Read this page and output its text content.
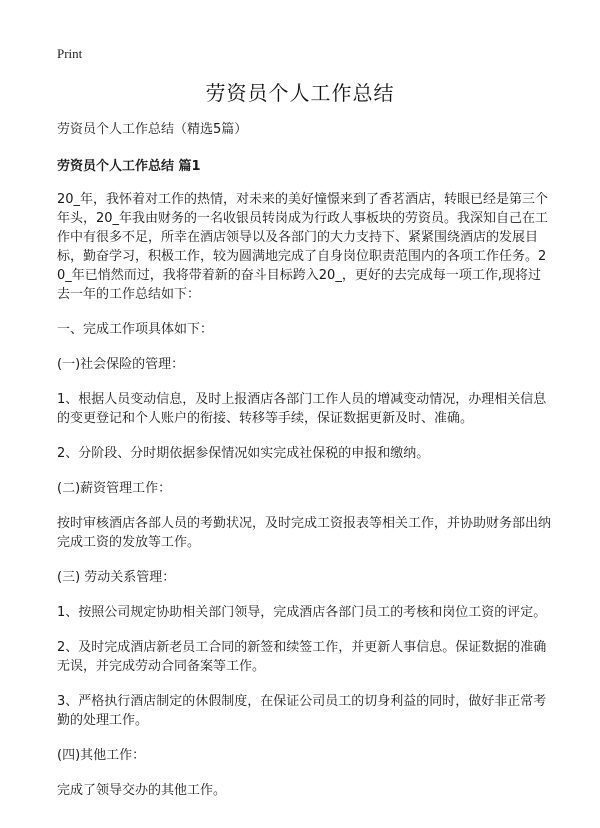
Print
劳资员个人工作总结

劳资员个人工作总结（精选5篇）

劳资员个人工作总结 篇1

20_年，我怀着对工作的热情，对未来的美好憧憬来到了香茗酒店，转眼已经是第三个年头，20_年我由财务的一名收银员转岗成为行政人事板块的劳资员。我深知自己在工作中有很多不足，所幸在酒店领导以及各部门的大力支持下、紧紧围绕酒店的发展目标，勤奋学习，积极工作，较为圆满地完成了自身岗位职责范围内的各项工作任务。20_年已悄然而过，我将带着新的奋斗目标跨入20_，更好的去完成每一项工作,现将过去一年的工作总结如下：

一、完成工作项具体如下：

(一)社会保险的管理：

1、根据人员变动信息，及时上报酒店各部门工作人员的增减变动情况，办理相关信息的变更登记和个人账户的衔接、转移等手续，保证数据更新及时、准确。

2、分阶段、分时期依据参保情况如实完成社保税的申报和缴纳。

(二)薪资管理工作：

按时审核酒店各部人员的考勤状况，及时完成工资报表等相关工作，并协助财务部出纳完成工资的发放等工作。

(三) 劳动关系管理：

1、按照公司规定协助相关部门领导，完成酒店各部门员工的考核和岗位工资的评定。

2、及时完成酒店新老员工合同的新签和续签工作，并更新人事信息。保证数据的准确无误，并完成劳动合同备案等工作。

3、严格执行酒店制定的休假制度，在保证公司员工的切身利益的同时，做好非正常考勤的处理工作。

(四)其他工作：

完成了领导交办的其他工作。
